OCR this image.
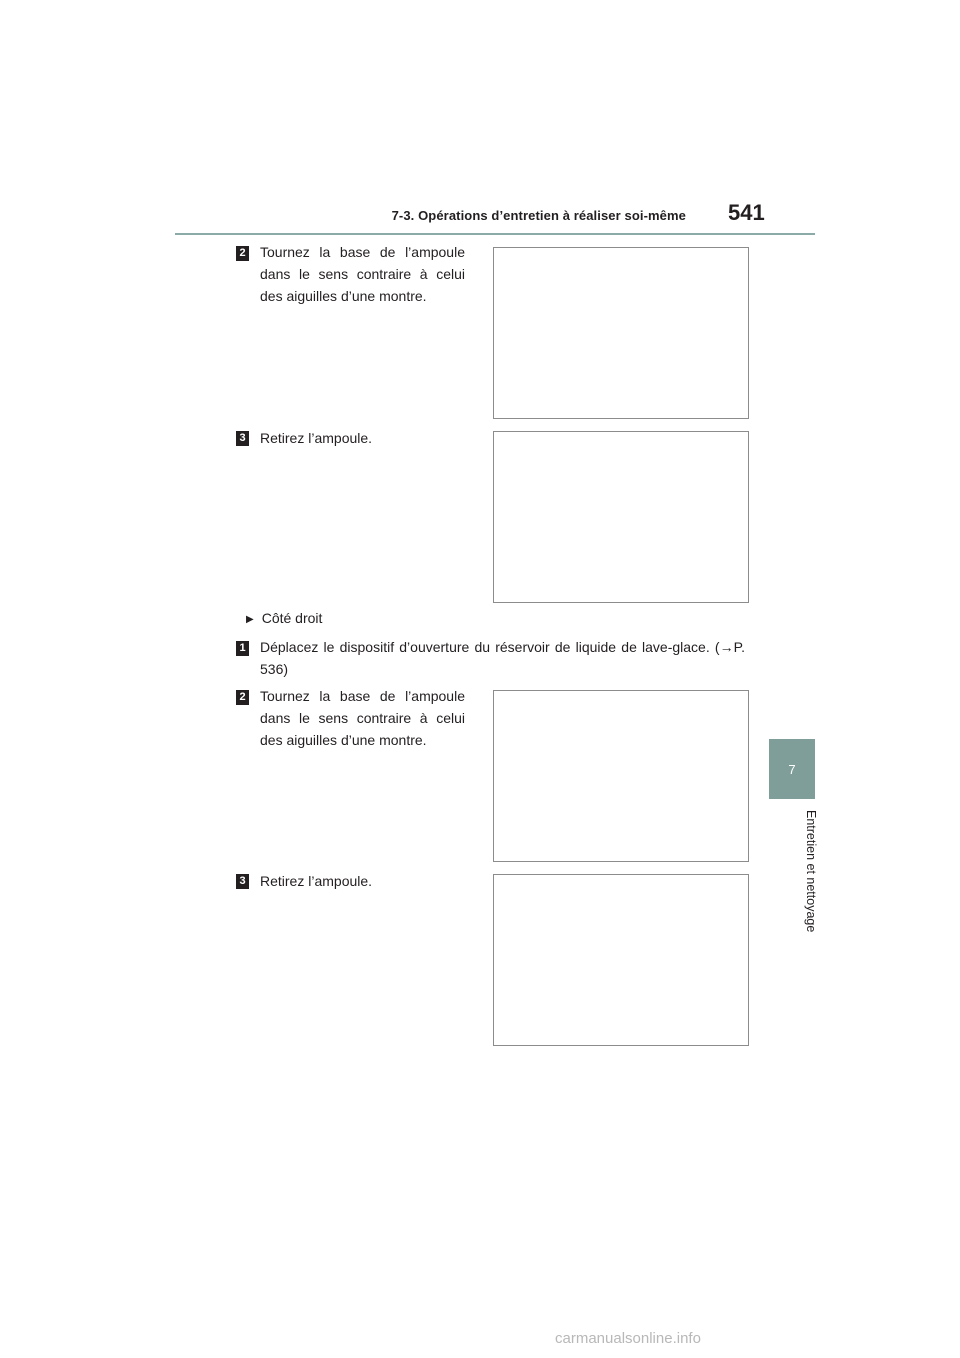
7-3. Opérations d’entretien à réaliser soi-même 541
7
Entretien et nettoyage
2 Tournez la base de l’ampoule dans le sens contraire à celui des aiguilles d’une montre.
3 Retirez l’ampoule.
▶ Côté droit
1 Déplacez le dispositif d’ouverture du réservoir de liquide de lave-glace. (→P. 536)
2 Tournez la base de l’ampoule dans le sens contraire à celui des aiguilles d’une montre.
3 Retirez l’ampoule.
carmanualsonline.info
